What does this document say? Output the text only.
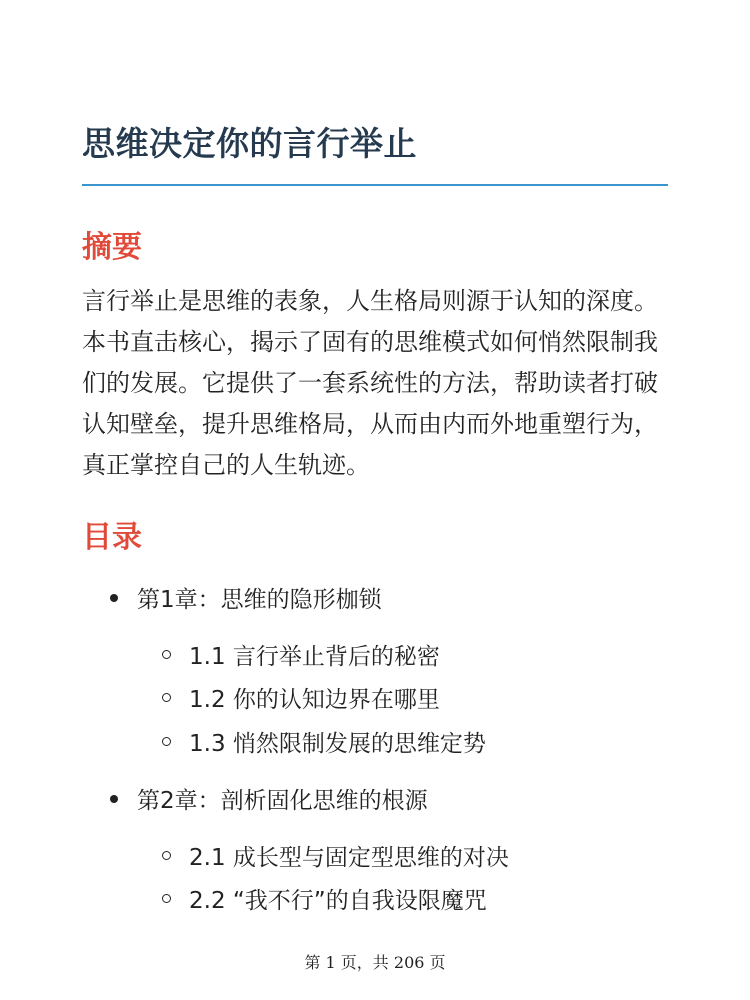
思维决定你的言行举止
摘要

言行举止是思维的表象，人生格局则源于认知的深度。本书直击核心，揭示了固有的思维模式如何悄然限制我们的发展。它提供了一套系统性的方法，帮助读者打破认知壁垒，提升思维格局，从而由内而外地重塑行为，真正掌控自己的人生轨迹。

目录
第1章：思维的隐形枷锁
1.1 言行举止背后的秘密
1.2 你的认知边界在哪里
1.3 悄然限制发展的思维定势
第2章：剖析固化思维的根源
2.1 成长型与固定型思维的对决
2.2 “我不行”的自我设限魔咒
第 1 页，共 206 页
